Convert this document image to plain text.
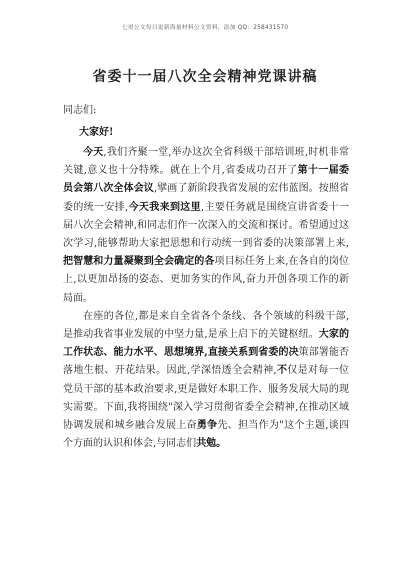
七哥公文每日更新海量材料公文资料，添加 QQ：258431570
省委十一届八次全会精神党课讲稿
同志们:
大家好!

今天,我们齐聚一堂,举办这次全省科级干部培训班,时机非常关键,意义也十分特殊。就在上个月,省委成功召开了第十一届委员会第八次全体会议,擘画了新阶段我省发展的宏伟蓝图。按照省委的统一安排,今天我来到这里,主要任务就是围绕宣讲省委十一届八次全会精神,和同志们作一次深入的交流和探讨。希望通过这次学习,能够帮助大家把思想和行动统一到省委的决策部署上来,把智慧和力量凝聚到全会确定的各项目标任务上来,在各自的岗位上,以更加昂扬的姿态、更加务实的作风,奋力开创各项工作的新局面。

在座的各位,都是来自全省各个条线、各个领域的科级干部,是推动我省事业发展的中坚力量,是承上启下的关键枢纽。大家的工作状态、能力水平、思想境界,直接关系到省委的决策部署能否落地生根、开花结果。因此,学深悟透全会精神,不仅是对每一位党员干部的基本政治要求,更是做好本职工作、服务发展大局的现实需要。下面,我将围绕"深入学习贯彻省委全会精神,在推动区域协调发展和城乡融合发展上奋勇争先、担当作为"这个主题,谈四个方面的认识和体会,与同志们共勉。
